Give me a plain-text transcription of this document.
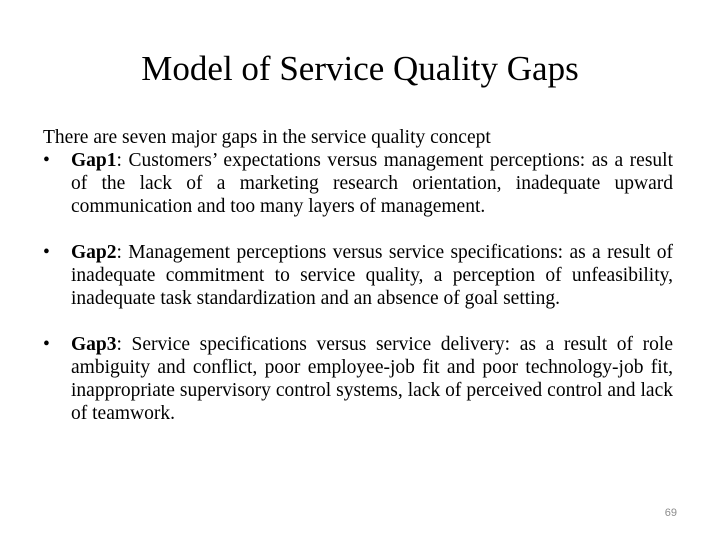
Model of Service Quality Gaps

There are seven major gaps in the service quality concept

• Gap1: Customers’ expectations versus management perceptions: as a result of the lack of a marketing research orientation, inadequate upward communication and too many layers of management.
• Gap2: Management perceptions versus service specifications: as a result of inadequate commitment to service quality, a perception of unfeasibility, inadequate task standardization and an absence of goal setting.
• Gap3: Service specifications versus service delivery: as a result of role ambiguity and conflict, poor employee-job fit and poor technology-job fit, inappropriate supervisory control systems, lack of perceived control and lack of teamwork.
69
